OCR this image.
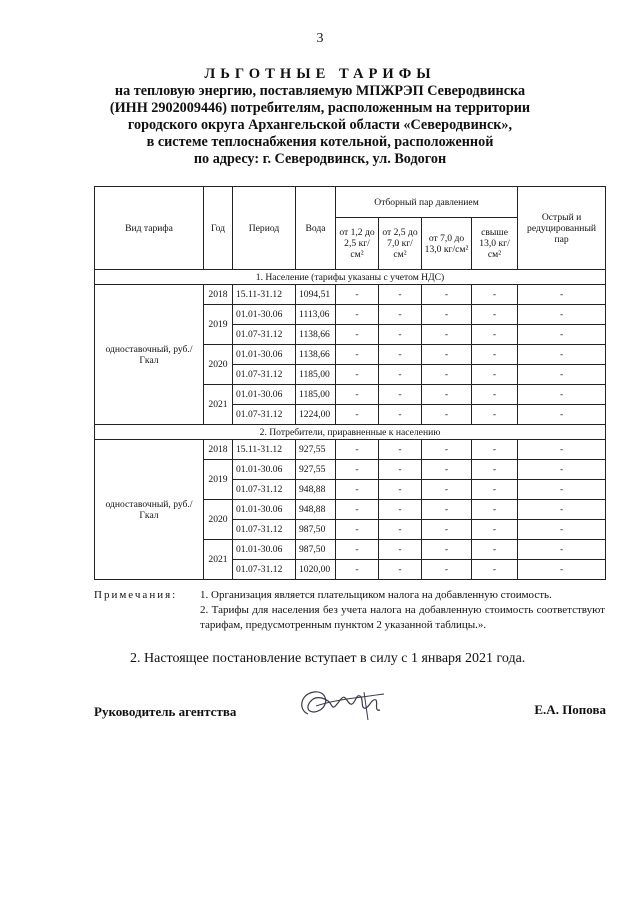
3
ЛЬГОТНЫЕ ТАРИФЫ
на тепловую энергию, поставляемую МПЖРЭП Северодвинска
(ИНН 2902009446) потребителям, расположенным на территории
городского округа Архангельской области «Северодвинск»,
в системе теплоснабжения котельной, расположенной
по адресу: г. Северодвинск, ул. Водогон
Вид тарифа	Год	Период	Вода	Отборный пар давлением				Острый и редуцированный пар
				от 1,2 до 2,5 кг/см²	от 2,5 до 7,0 кг/см²	от 7,0 до 13,0 кг/см²	свыше 13,0 кг/см²	
1. Население (тарифы указаны с учетом НДС)								
одноставочный, руб./Гкал	2018	15.11-31.12	1094,51	-	-	-	-	-
	2019	01.01-30.06	1113,06	-	-	-	-	-
		01.07-31.12	1138,66	-	-	-	-	-
	2020	01.01-30.06	1138,66	-	-	-	-	-
		01.07-31.12	1185,00	-	-	-	-	-
	2021	01.01-30.06	1185,00	-	-	-	-	-
		01.07-31.12	1224,00	-	-	-	-	-
2. Потребители, приравненные к населению								
одноставочный, руб./Гкал	2018	15.11-31.12	927,55	-	-	-	-	-
	2019	01.01-30.06	927,55	-	-	-	-	-
		01.07-31.12	948,88	-	-	-	-	-
	2020	01.01-30.06	948,88	-	-	-	-	-
		01.07-31.12	987,50	-	-	-	-	-
	2021	01.01-30.06	987,50	-	-	-	-	-
		01.07-31.12	1020,00	-	-	-	-	-
Примечания: 1. Организация является плательщиком налога на добавленную стоимость.
2. Тарифы для населения без учета налога на добавленную стоимость соответствуют тарифам, предусмотренным пунктом 2 указанной таблицы.».
2. Настоящее постановление вступает в силу с 1 января 2021 года.
Руководитель агентства	Е.А. Попова
